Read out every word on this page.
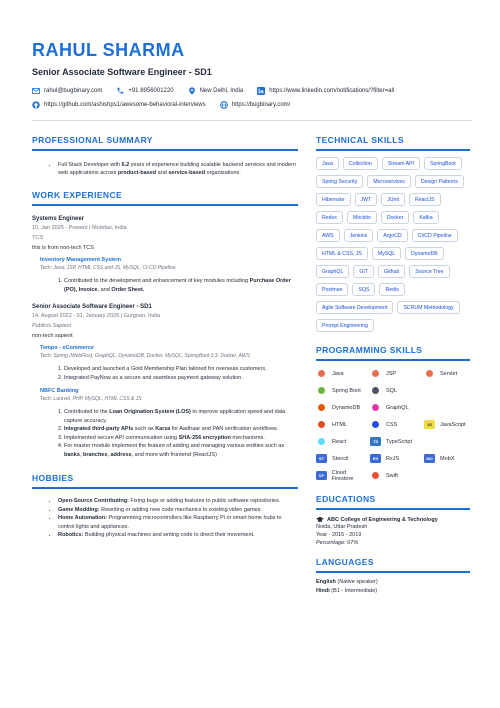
RAHUL SHARMA
Senior Associate Software Engineer - SD1
rahul@bugbinary.com	+91 8956001220	New Delhi, India	https://www.linkedin.com/notifications/?filter=all
https://github.com/ashishps1/awesome-behavioral-interviews	https://bugbinary.com/
PROFESSIONAL SUMMARY
• Full Stack Developer with 6.2 years of experience building scalable backend services and modern web applications across product-based and service-based organizations.
WORK EXPERIENCE
Systems Engineer
10, Jan 2025 - Present | Mumbai, India
TCS
this is from non-tech TCS
Inventory Management System
Tech: Java, JSP, HTML CSS and JS, MySQL, CI-CD Pipeline
1. Contributed to the development and enhancement of key modules including Purchase Order (PO), Invoice, and Order Sheet.
Senior Associate Software Engineer - SD1
14, August 2022 - 01, January 2025 | Gurgoan, India
Publicis Sapient
non-tech sapient
Tempo - eCommerce
Tech: Spring (WebFlux), GraphQL, DynamoDB, Docker, MySQL, SpringBoot 3.3, Docker, AWS
1. Developed and launched a Gold Membership Plan tailored for overseas customers.
2. Integrated PayNow as a secure and seamless payment gateway solution.
NBFC Banking
Tech: Laravel, PHP, MySQL, HTML CSS & JS
1. Contributed to the Loan Origination System (LOS) to improve application speed and data capture accuracy.
2. Integrated third-party APIs such as Karza for Aadhaar and PAN verification workflows.
3. Implemented secure API communication using SHA-256 encryption mechanisms.
4. For master module implement the feature of adding and managing various entities such as banks, branches, address, and more with frontend (ReactJS)
HOBBIES
• Open-Source Contributing: Fixing bugs or adding features to public software repositories.
• Game Modding: Rewriting or adding new code mechanics to existing video games.
• Home Automation: Programming microcontrollers like Raspberry Pi or smart home hubs to control lights and appliances.
• Robotics: Building physical machines and writing code to direct their movement.
TECHNICAL SKILLS
Java	Collection	Stream API	SpringBoot
Spring Security	Microservices	Design Patterns
Hibernate	JWT	JUnit	ReactJS
Redux	Mockito	Docker	Kafka
AWS	Jenkins	ArgoCD	CI/CD Pipeline
HTML & CSS, JS	MySQL	DynamoDB
GraphQL	GIT	Github	Source Tree
Postman	SQS	Redis
Agile Software Development	SCRUM Methodology
Prompt Engineering
PROGRAMMING SKILLS
Java	JSP	Servlet
Spring Boot	SQL
DynamoDB	GraphQL
HTML	CSS	JS	JavaScript
React	TS	TypeScript
ST	Stencil	RX	RxJS	MO	MobX
CF	Cloud Firestore	Swift
EDUCATIONS
ABC College of Engineering & Technology
Noida, Uttar Pradesh
Year - 2015 - 2019
Percentage: 67%
LANGUAGES
English (Native speaker)
Hindi (B1 - Intermediate)
